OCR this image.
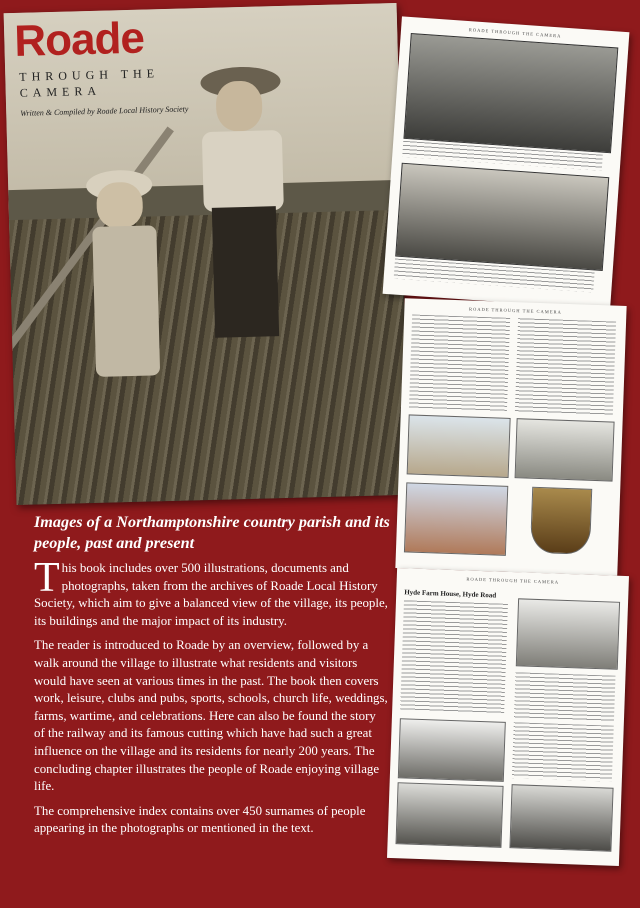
Roade
THROUGH THE CAMERA
Written & Compiled by Roade Local History Society
ROADE THROUGH THE CAMERA
ROADE THROUGH THE CAMERA
ROADE THROUGH THE CAMERA
Hyde Farm House, Hyde Road
Images of a Northamptonshire country parish and its people, past and present

This book includes over 500 illustrations, documents and photographs, taken from the archives of Roade Local History Society, which aim to give a balanced view of the village, its people, its buildings and the major impact of its industry.

The reader is introduced to Roade by an overview, followed by a walk around the village to illustrate what residents and visitors would have seen at various times in the past. The book then covers work, leisure, clubs and pubs, sports, schools, church life, weddings, farms, wartime, and celebrations. Here can also be found the story of the railway and its famous cutting which have had such a great influence on the village and its residents for nearly 200 years. The concluding chapter illustrates the people of Roade enjoying village life.

The comprehensive index contains over 450 surnames of people appearing in the photographs or mentioned in the text.
